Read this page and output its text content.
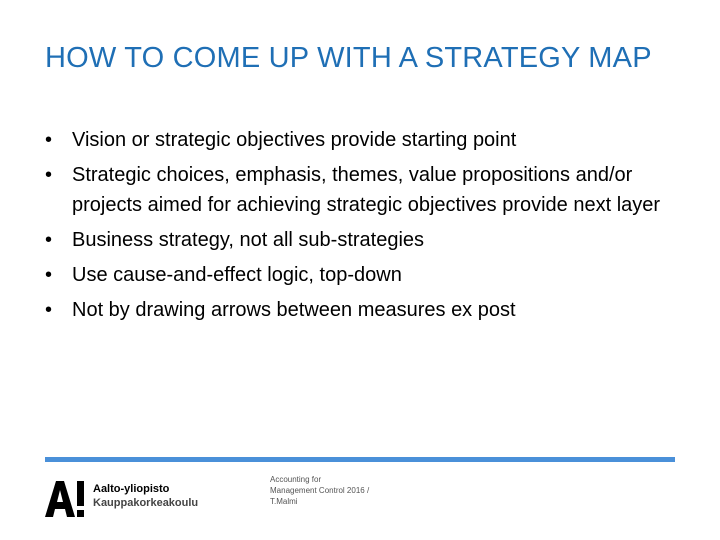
HOW TO COME UP WITH A STRATEGY MAP
• Vision or strategic objectives provide starting point
• Strategic choices, emphasis, themes, value propositions and/or projects aimed for achieving strategic objectives provide next layer
• Business strategy, not all sub-strategies
• Use cause-and-effect logic, top-down
• Not by drawing arrows between measures ex post
Aalto-yliopisto
Kauppakorkeakoulu
Accounting for
Management Control 2016 /
T.Malmi
